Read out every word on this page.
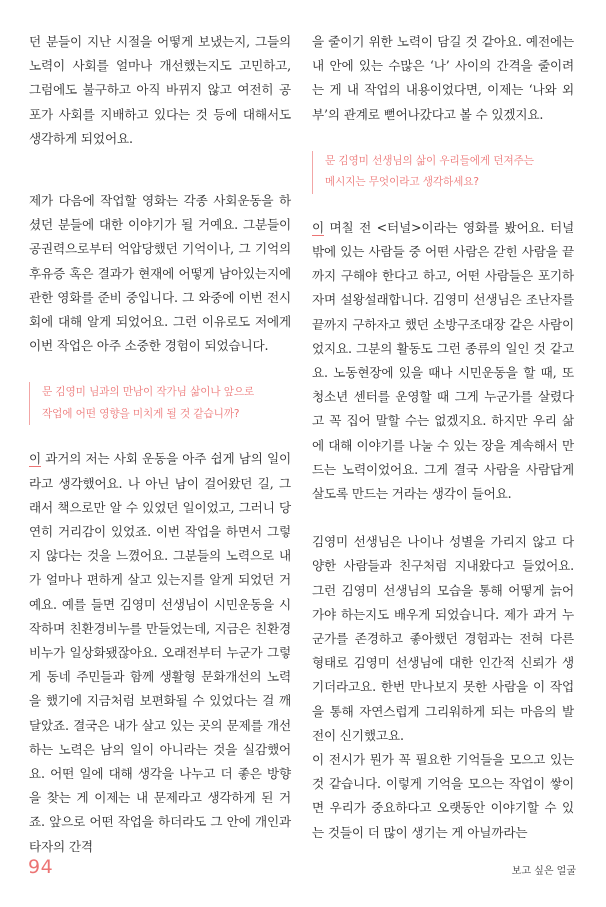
던 분들이 지난 시절을 어떻게 보냈는지, 그들의 노력이 사회를 얼마나 개선했는지도 고민하고, 그럼에도 불구하고 아직 바뀌지 않고 여전히 공포가 사회를 지배하고 있다는 것 등에 대해서도 생각하게 되었어요.

제가 다음에 작업할 영화는 각종 사회운동을 하셨던 분들에 대한 이야기가 될 거예요. 그분들이 공권력으로부터 억압당했던 기억이나, 그 기억의 후유증 혹은 결과가 현재에 어떻게 남아있는지에 관한 영화를 준비 중입니다. 그 와중에 이번 전시회에 대해 알게 되었어요. 그런 이유로도 저에게 이번 작업은 아주 소중한 경험이 되었습니다.

문 김영미 님과의 만남이 작가님 삶이나 앞으로
작업에 어떤 영향을 미치게 될 것 같습니까?

이 과거의 저는 사회 운동을 아주 쉽게 남의 일이라고 생각했어요. 나 아닌 남이 걸어왔던 길, 그래서 책으로만 알 수 있었던 일이었고, 그러니 당연히 거리감이 있었죠. 이번 작업을 하면서 그렇지 않다는 것을 느꼈어요. 그분들의 노력으로 내가 얼마나 편하게 살고 있는지를 알게 되었던 거예요. 예를 들면 김영미 선생님이 시민운동을 시작하며 친환경비누를 만들었는데, 지금은 친환경 비누가 일상화됐잖아요. 오래전부터 누군가 그렇게 동네 주민들과 함께 생활형 문화개선의 노력을 했기에 지금처럼 보편화될 수 있었다는 걸 깨달았죠. 결국은 내가 살고 있는 곳의 문제를 개선하는 노력은 남의 일이 아니라는 것을 실감했어요. 어떤 일에 대해 생각을 나누고 더 좋은 방향을 찾는 게 이제는 내 문제라고 생각하게 된 거죠. 앞으로 어떤 작업을 하더라도 그 안에 개인과 타자의 간격

을 줄이기 위한 노력이 담길 것 같아요. 예전에는 내 안에 있는 수많은 ‘나’ 사이의 간격을 줄이려는 게 내 작업의 내용이었다면, 이제는 ‘나와 외부’의 관계로 뻗어나갔다고 볼 수 있겠지요.

문 김영미 선생님의 삶이 우리들에게 던져주는
메시지는 무엇이라고 생각하세요?

이 며칠 전 <터널>이라는 영화를 봤어요. 터널 밖에 있는 사람들 중 어떤 사람은 갇힌 사람을 끝까지 구해야 한다고 하고, 어떤 사람들은 포기하자며 설왕설래합니다. 김영미 선생님은 조난자를 끝까지 구하자고 했던 소방구조대장 같은 사람이었지요. 그분의 활동도 그런 종류의 일인 것 같고요. 노동현장에 있을 때나 시민운동을 할 때, 또 청소년 센터를 운영할 때 그게 누군가를 살렸다고 꼭 집어 말할 수는 없겠지요. 하지만 우리 삶에 대해 이야기를 나눌 수 있는 장을 계속해서 만드는 노력이었어요. 그게 결국 사람을 사람답게 살도록 만드는 거라는 생각이 들어요.

김영미 선생님은 나이나 성별을 가리지 않고 다양한 사람들과 친구처럼 지내왔다고 들었어요. 그런 김영미 선생님의 모습을 통해 어떻게 늙어가야 하는지도 배우게 되었습니다. 제가 과거 누군가를 존경하고 좋아했던 경험과는 전혀 다른 형태로 김영미 선생님에 대한 인간적 신뢰가 생기더라고요. 한번 만나보지 못한 사람을 이 작업을 통해 자연스럽게 그리워하게 되는 마음의 발전이 신기했고요.

이 전시가 뭔가 꼭 필요한 기억들을 모으고 있는 것 같습니다. 이렇게 기억을 모으는 작업이 쌓이면 우리가 중요하다고 오랫동안 이야기할 수 있는 것들이 더 많이 생기는 게 아닐까라는

94	보고 싶은 얼굴
